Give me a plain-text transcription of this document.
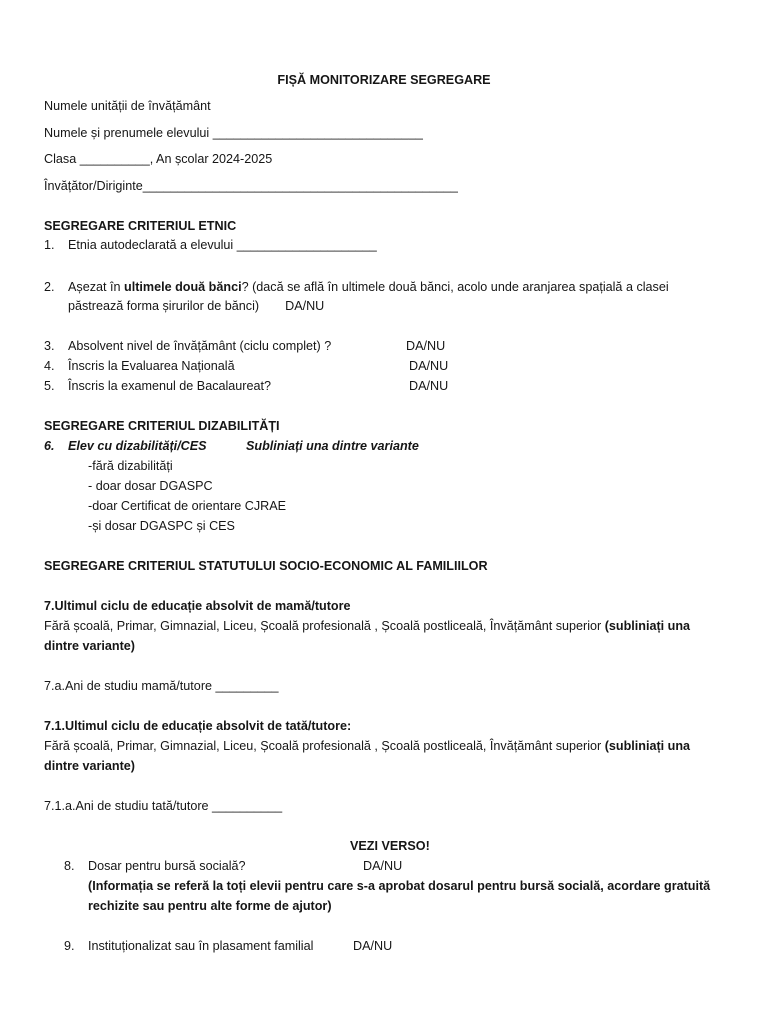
FIȘĂ MONITORIZARE SEGREGARE
Numele unității de învățământ
Numele și prenumele elevului ______________________________
Clasa __________, An școlar 2024-2025
Învățător/Diriginte_____________________________________________
SEGREGARE CRITERIUL ETNIC
1. Etnia autodeclarată a elevului ____________________
2. Așezat în ultimele două bănci? (dacă se află în ultimele două bănci, acolo unde aranjarea spațială a clasei
păstrează forma șirurilor de bănci) DA/NU
3. Absolvent nivel de învățământ (ciclu complet) ?	DA/NU
4. Înscris la Evaluarea Națională	DA/NU
5. Înscris la examenul de Bacalaureat?	DA/NU
SEGREGARE CRITERIUL DIZABILITĂȚI
6. Elev cu dizabilități/CES	Subliniați una dintre variante
-fără dizabilități
- doar dosar DGASPC
-doar Certificat de orientare CJRAE
-și dosar DGASPC și CES
SEGREGARE CRITERIUL STATUTULUI SOCIO-ECONOMIC AL FAMILIILOR
7.Ultimul ciclu de educație absolvit de mamă/tutore
Fără școală, Primar, Gimnazial, Liceu, Școală profesională , Școală postliceală, Învățământ superior (subliniați una
dintre variante)
7.a.Ani de studiu mamă/tutore _________
7.1.Ultimul ciclu de educație absolvit de tată/tutore:
Fără școală, Primar, Gimnazial, Liceu, Școală profesională , Școală postliceală, Învățământ superior (subliniați una
dintre variante)
7.1.a.Ani de studiu tată/tutore __________
VEZI VERSO!
8. Dosar pentru bursă socială?	DA/NU
(Informația se referă la toți elevii pentru care s-a aprobat dosarul pentru bursă socială, acordare gratuită
rechizite sau pentru alte forme de ajutor)
9. Instituționalizat sau în plasament familial	DA/NU
